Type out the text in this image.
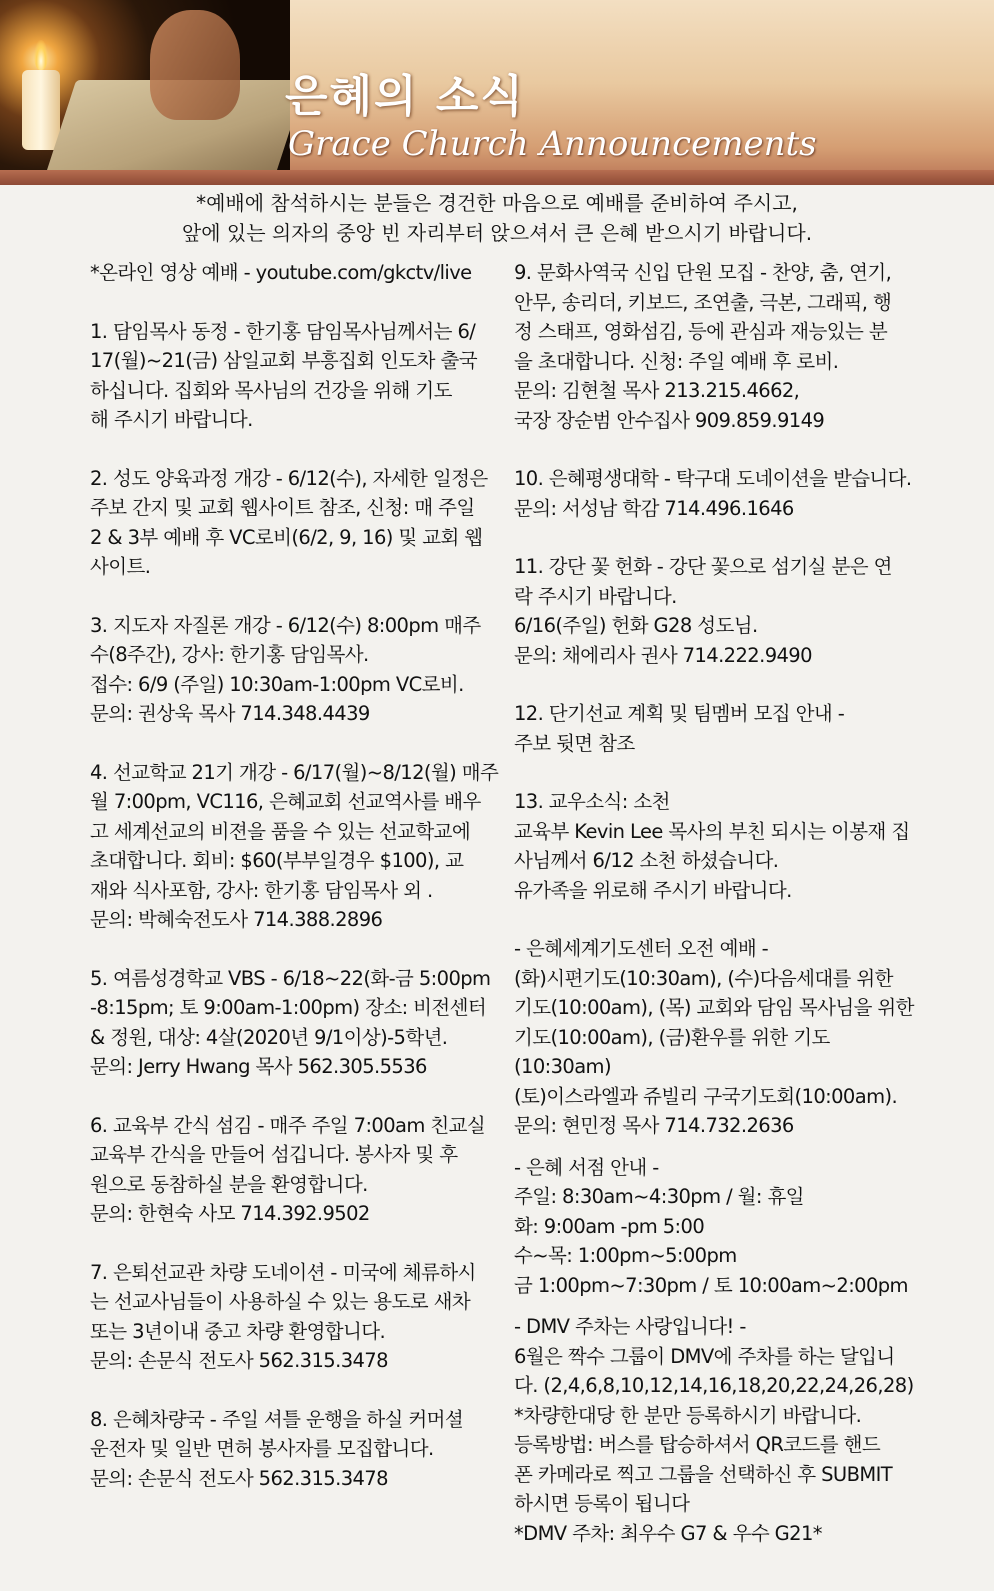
은혜의 소식
Grace Church Announcements
*예배에 참석하시는 분들은 경건한 마음으로 예배를 준비하여 주시고,
앞에 있는 의자의 중앙 빈 자리부터 앉으셔서 큰 은혜 받으시기 바랍니다.
*온라인 영상 예배 - youtube.com/gkctv/live
1. 담임목사 동정 - 한기홍 담임목사님께서는 6/
17(월)~21(금) 삼일교회 부흥집회 인도차 출국
하십니다. 집회와 목사님의 건강을 위해 기도
해 주시기 바랍니다.
2. 성도 양육과정 개강 - 6/12(수), 자세한 일정은
주보 간지 및 교회 웹사이트 참조, 신청: 매 주일
2 & 3부 예배 후 VC로비(6/2, 9, 16) 및 교회 웹
사이트.
3. 지도자 자질론 개강 - 6/12(수) 8:00pm 매주
수(8주간), 강사: 한기홍 담임목사.
접수: 6/9 (주일) 10:30am-1:00pm VC로비.
문의: 권상욱 목사 714.348.4439
4. 선교학교 21기 개강 - 6/17(월)~8/12(월) 매주
월 7:00pm, VC116, 은혜교회 선교역사를 배우
고 세계선교의 비젼을 품을 수 있는 선교학교에
초대합니다. 회비: $60(부부일경우 $100), 교
재와 식사포함, 강사: 한기홍 담임목사 외 .
문의: 박혜숙전도사 714.388.2896
5. 여름성경학교 VBS - 6/18~22(화-금 5:00pm
-8:15pm; 토 9:00am-1:00pm) 장소: 비전센터
& 정원, 대상: 4살(2020년 9/1이상)-5학년.
문의: Jerry Hwang 목사 562.305.5536
6. 교육부 간식 섬김 - 매주 주일 7:00am 친교실
교육부 간식을 만들어 섬깁니다. 봉사자 및 후
원으로 동참하실 분을 환영합니다.
문의: 한현숙 사모 714.392.9502
7. 은퇴선교관 차량 도네이션 - 미국에 체류하시
는 선교사님들이 사용하실 수 있는 용도로 새차
또는 3년이내 중고 차량 환영합니다.
문의: 손문식 전도사 562.315.3478
8. 은혜차량국 - 주일 셔틀 운행을 하실 커머셜
운전자 및 일반 면허 봉사자를 모집합니다.
문의: 손문식 전도사 562.315.3478
9. 문화사역국 신입 단원 모집 - 찬양, 춤, 연기,
안무, 송리더, 키보드, 조연출, 극본, 그래픽, 행
정 스태프, 영화섬김, 등에 관심과 재능있는 분
을 초대합니다. 신청: 주일 예배 후 로비.
문의: 김현철 목사 213.215.4662,
국장 장순범 안수집사 909.859.9149
10. 은혜평생대학 - 탁구대 도네이션을 받습니다.
문의: 서성남 학감 714.496.1646
11. 강단 꽃 헌화 - 강단 꽃으로 섬기실 분은 연
락 주시기 바랍니다.
6/16(주일) 헌화 G28 성도님.
문의: 채에리사 권사 714.222.9490
12. 단기선교 계획 및 팀멤버 모집 안내 -
주보 뒷면 참조
13. 교우소식: 소천
교육부 Kevin Lee 목사의 부친 되시는 이봉재 집
사님께서 6/12 소천 하셨습니다.
유가족을 위로해 주시기 바랍니다.
- 은혜세계기도센터 오전 예배 -
(화)시편기도(10:30am), (수)다음세대를 위한
기도(10:00am), (목) 교회와 담임 목사님을 위한
기도(10:00am), (금)환우를 위한 기도(10:30am)
(토)이스라엘과 쥬빌리 구국기도회(10:00am).
문의: 현민정 목사 714.732.2636
- 은혜 서점 안내 -
주일: 8:30am~4:30pm / 월: 휴일
화: 9:00am -pm 5:00
수~목: 1:00pm~5:00pm
금 1:00pm~7:30pm / 토 10:00am~2:00pm
- DMV 주차는 사랑입니다! -
6월은 짝수 그룹이 DMV에 주차를 하는 달입니
다. (2,4,6,8,10,12,14,16,18,20,22,24,26,28)
*차량한대당 한 분만 등록하시기 바랍니다.
등록방법: 버스를 탑승하셔서 QR코드를 핸드
폰 카메라로 찍고 그룹을 선택하신 후 SUBMIT
하시면 등록이 됩니다
*DMV 주차: 최우수 G7 & 우수 G21*
